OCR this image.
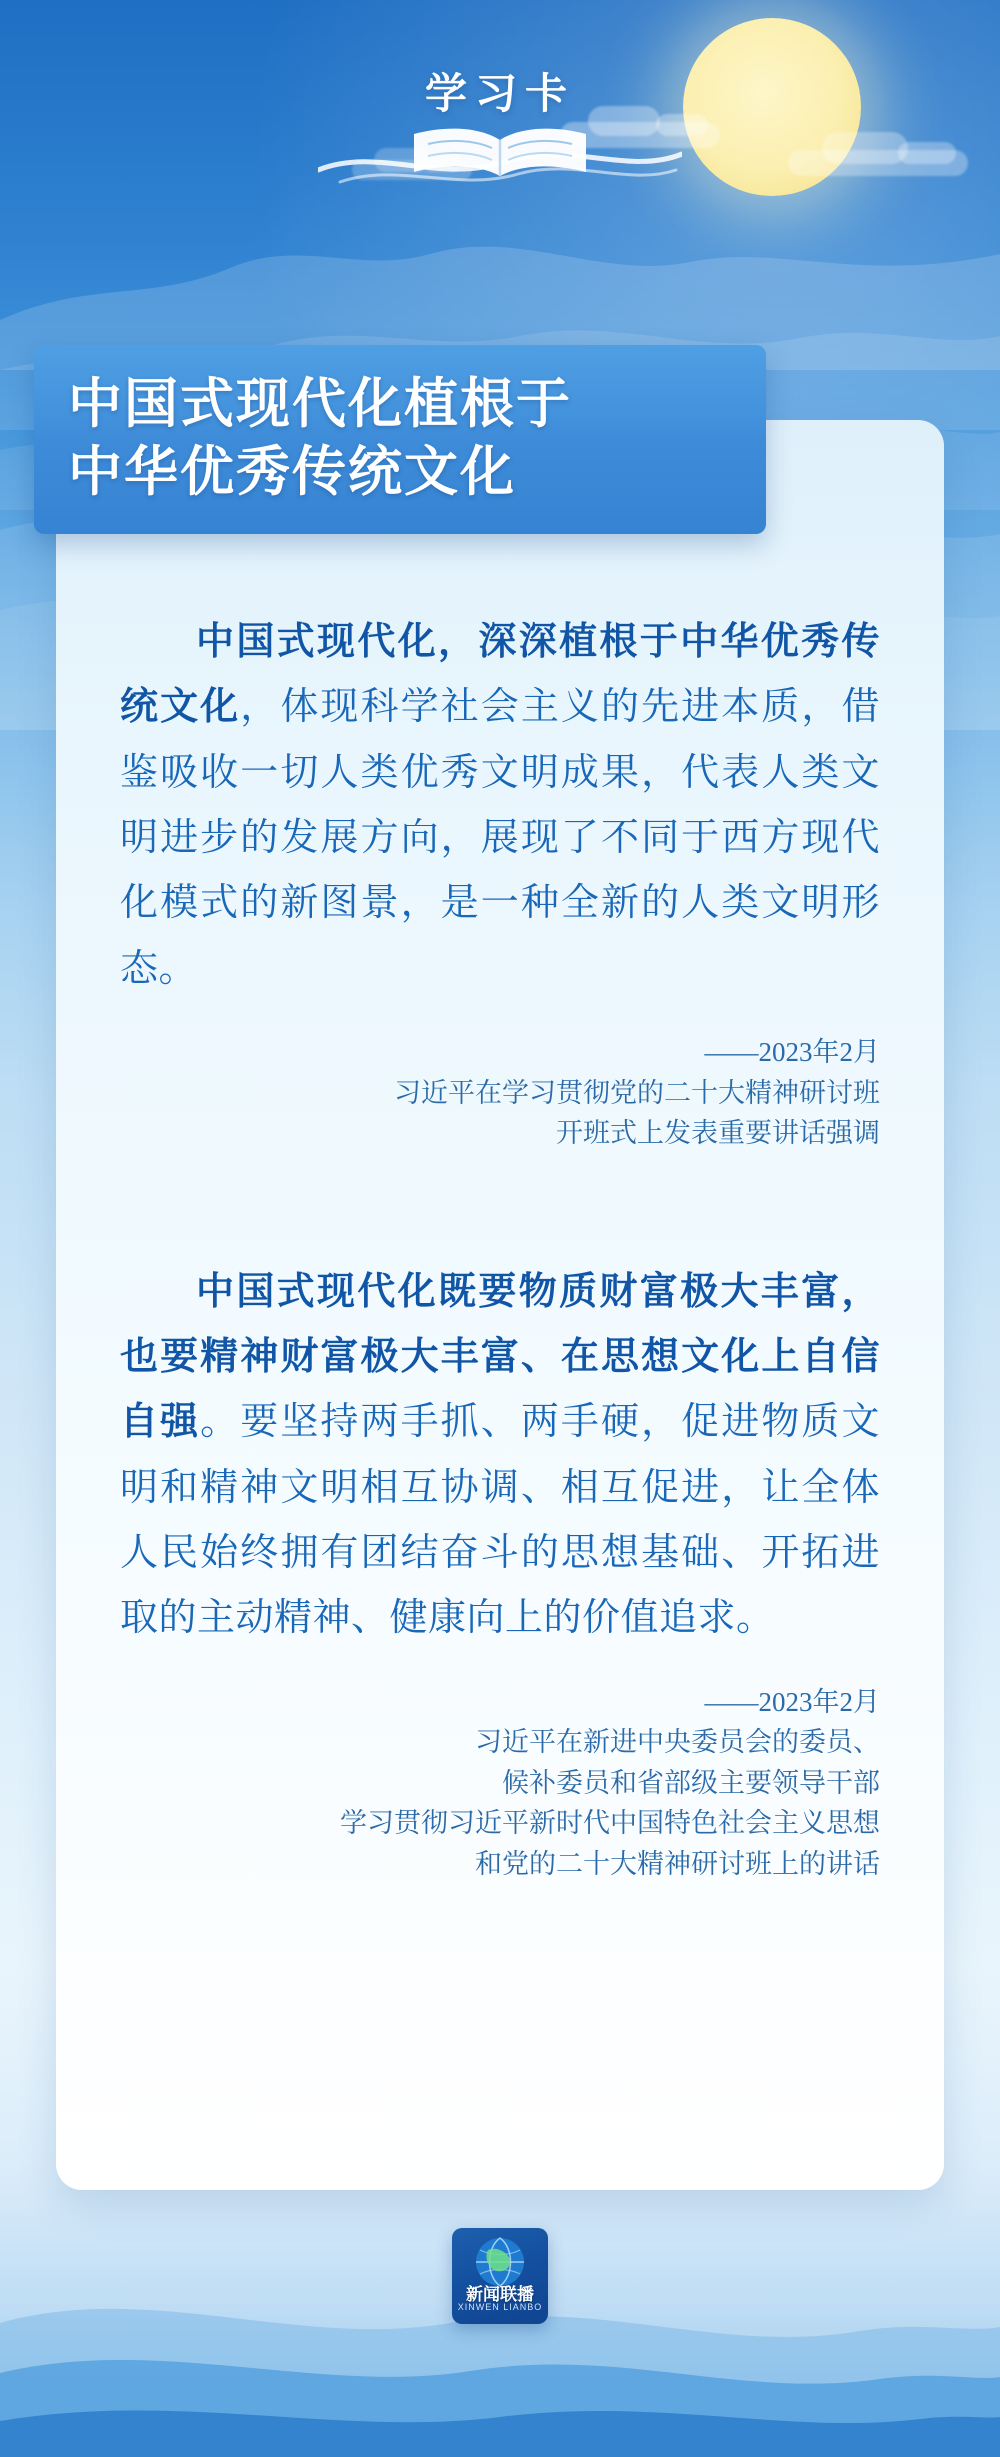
学习卡
中国式现代化，深深植根于中华优秀传统文化，体现科学社会主义的先进本质，借鉴吸收一切人类优秀文明成果，代表人类文明进步的发展方向，展现了不同于西方现代化模式的新图景，是一种全新的人类文明形态。
——2023年2月
习近平在学习贯彻党的二十大精神研讨班
开班式上发表重要讲话强调
中国式现代化既要物质财富极大丰富，也要精神财富极大丰富、在思想文化上自信自强。要坚持两手抓、两手硬，促进物质文明和精神文明相互协调、相互促进，让全体人民始终拥有团结奋斗的思想基础、开拓进取的主动精神、健康向上的价值追求。
——2023年2月
习近平在新进中央委员会的委员、
候补委员和省部级主要领导干部
学习贯彻习近平新时代中国特色社会主义思想
和党的二十大精神研讨班上的讲话
中国式现代化植根于
中华优秀传统文化
新闻联播
XINWEN LIANBO
